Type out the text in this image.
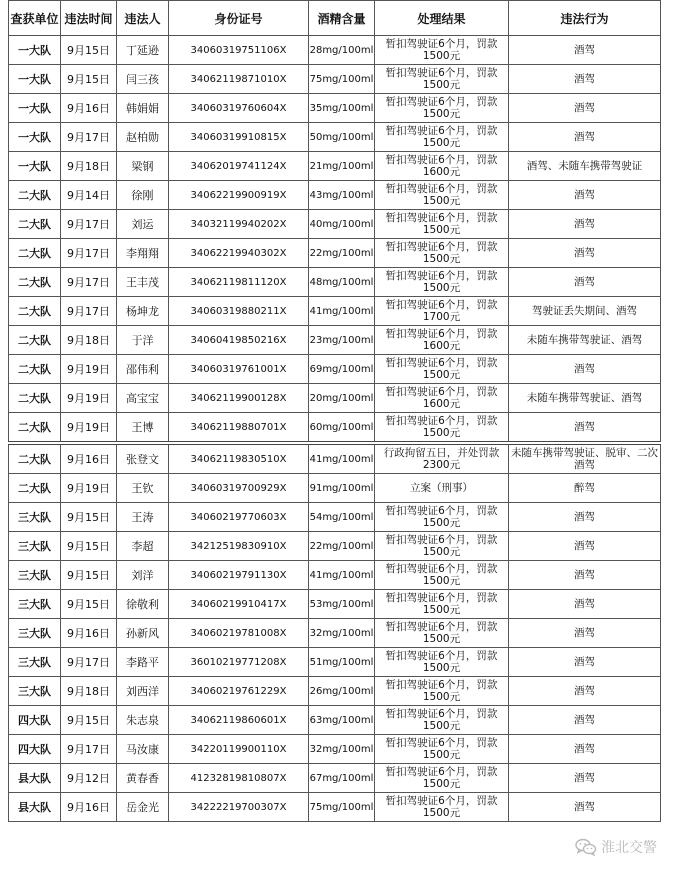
查获单位	违法时间	违法人	身份证号	酒精含量	处理结果	违法行为
一大队	9月15日	丁延逊	34060319751106X	28mg/100ml	暂扣驾驶证6个月，罚款1500元	酒驾
一大队	9月15日	闫三孩	34062119871010X	75mg/100ml	暂扣驾驶证6个月，罚款1500元	酒驾
一大队	9月16日	韩娟娟	34060319760604X	35mg/100ml	暂扣驾驶证6个月，罚款1500元	酒驾
一大队	9月17日	赵柏勋	34060319910815X	50mg/100ml	暂扣驾驶证6个月，罚款1500元	酒驾
一大队	9月18日	梁钢	34062019741124X	21mg/100ml	暂扣驾驶证6个月，罚款1600元	酒驾、未随车携带驾驶证
二大队	9月14日	徐刚	34062219900919X	43mg/100ml	暂扣驾驶证6个月，罚款1500元	酒驾
二大队	9月17日	刘运	34032119940202X	40mg/100ml	暂扣驾驶证6个月，罚款1500元	酒驾
二大队	9月17日	李翔翔	34062219940302X	22mg/100ml	暂扣驾驶证6个月，罚款1500元	酒驾
二大队	9月17日	王丰茂	34062119811120X	48mg/100ml	暂扣驾驶证6个月，罚款1500元	酒驾
二大队	9月17日	杨坤龙	34060319880211X	41mg/100ml	暂扣驾驶证6个月，罚款1700元	驾驶证丢失期间、酒驾
二大队	9月18日	于洋	34060419850216X	23mg/100ml	暂扣驾驶证6个月，罚款1600元	未随车携带驾驶证、酒驾
二大队	9月19日	邵伟利	34060319761001X	69mg/100ml	暂扣驾驶证6个月，罚款1500元	酒驾
二大队	9月19日	高宝宝	34062119900128X	20mg/100ml	暂扣驾驶证6个月，罚款1600元	未随车携带驾驶证、酒驾
二大队	9月19日	王博	34062119880701X	60mg/100ml	暂扣驾驶证6个月，罚款1500元	酒驾
二大队	9月16日	张登文	34062119830510X	41mg/100ml	行政拘留五日，并处罚款2300元	未随车携带驾驶证、脱审、二次酒驾
二大队	9月19日	王钦	34060319700929X	91mg/100ml	立案（刑事）	醉驾
三大队	9月15日	王涛	34060219770603X	54mg/100ml	暂扣驾驶证6个月，罚款1500元	酒驾
三大队	9月15日	李超	34212519830910X	22mg/100ml	暂扣驾驶证6个月，罚款1500元	酒驾
三大队	9月15日	刘洋	34060219791130X	41mg/100ml	暂扣驾驶证6个月，罚款1500元	酒驾
三大队	9月15日	徐敬利	34060219910417X	53mg/100ml	暂扣驾驶证6个月，罚款1500元	酒驾
三大队	9月16日	孙新风	34060219781008X	32mg/100ml	暂扣驾驶证6个月，罚款1500元	酒驾
三大队	9月17日	李路平	36010219771208X	51mg/100ml	暂扣驾驶证6个月，罚款1500元	酒驾
三大队	9月18日	刘西洋	34060219761229X	26mg/100ml	暂扣驾驶证6个月，罚款1500元	酒驾
四大队	9月15日	朱志泉	34062119860601X	63mg/100ml	暂扣驾驶证6个月，罚款1500元	酒驾
四大队	9月17日	马汝康	34220119900110X	32mg/100ml	暂扣驾驶证6个月，罚款1500元	酒驾
县大队	9月12日	黄春香	41232819810807X	67mg/100ml	暂扣驾驶证6个月，罚款1500元	酒驾
县大队	9月16日	岳金光	34222219700307X	75mg/100ml	暂扣驾驶证6个月，罚款1500元	酒驾
淮北交警
